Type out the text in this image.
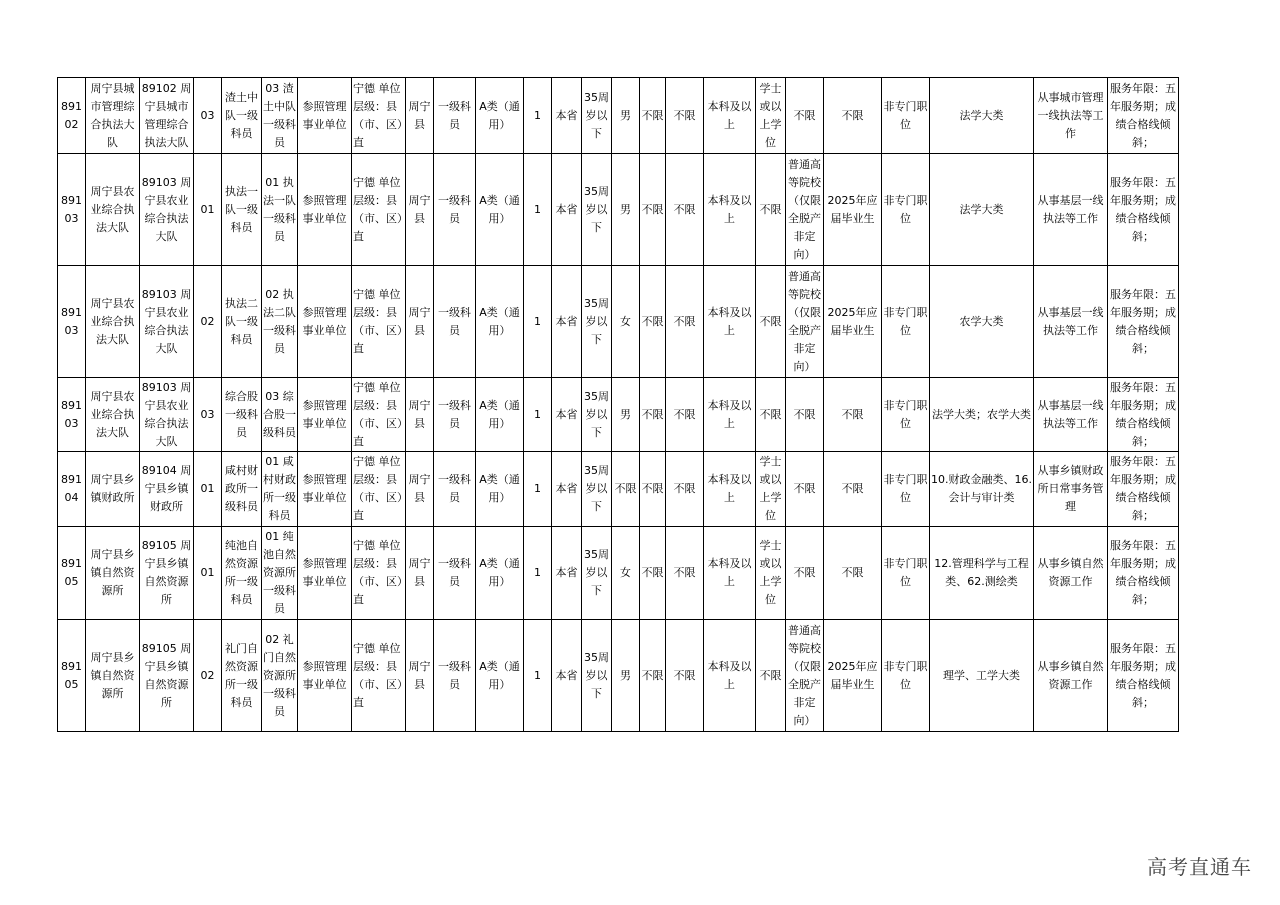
89102	周宁县城市管理综合执法大队	89102 周宁县城市管理综合执法大队	03	渣土中队一级科员	03 渣土中队一级科员	参照管理事业单位	宁德 单位层级：县（市、区）直	周宁县	一级科员	A类（通用）	1	本省	35周岁以下	男	不限	不限	本科及以上	学士或以上学位	不限	不限	非专门职位	法学大类	从事城市管理一线执法等工作	服务年限：五年服务期；成绩合格线倾斜；
89103	周宁县农业综合执法大队	89103 周宁县农业综合执法大队	01	执法一队一级科员	01 执法一队一级科员	参照管理事业单位	宁德 单位层级：县（市、区）直	周宁县	一级科员	A类（通用）	1	本省	35周岁以下	男	不限	不限	本科及以上	不限	普通高等院校（仅限全脱产非定向）	2025年应届毕业生	非专门职位	法学大类	从事基层一线执法等工作	服务年限：五年服务期；成绩合格线倾斜；
89103	周宁县农业综合执法大队	89103 周宁县农业综合执法大队	02	执法二队一级科员	02 执法二队一级科员	参照管理事业单位	宁德 单位层级：县（市、区）直	周宁县	一级科员	A类（通用）	1	本省	35周岁以下	女	不限	不限	本科及以上	不限	普通高等院校（仅限全脱产非定向）	2025年应届毕业生	非专门职位	农学大类	从事基层一线执法等工作	服务年限：五年服务期；成绩合格线倾斜；
89103	周宁县农业综合执法大队	89103 周宁县农业综合执法大队	03	综合股一级科员	03 综合股一级科员	参照管理事业单位	宁德 单位层级：县（市、区）直	周宁县	一级科员	A类（通用）	1	本省	35周岁以下	男	不限	不限	本科及以上	不限	不限	不限	非专门职位	法学大类；农学大类	从事基层一线执法等工作	服务年限：五年服务期；成绩合格线倾斜；
89104	周宁县乡镇财政所	89104 周宁县乡镇财政所	01	咸村财政所一级科员	01 咸村财政所一级科员	参照管理事业单位	宁德 单位层级：县（市、区）直	周宁县	一级科员	A类（通用）	1	本省	35周岁以下	不限	不限	不限	本科及以上	学士或以上学位	不限	不限	非专门职位	10.财政金融类、16.会计与审计类	从事乡镇财政所日常事务管理	服务年限：五年服务期；成绩合格线倾斜；
89105	周宁县乡镇自然资源所	89105 周宁县乡镇自然资源所	01	纯池自然资源所一级科员	01 纯池自然资源所一级科员	参照管理事业单位	宁德 单位层级：县（市、区）直	周宁县	一级科员	A类（通用）	1	本省	35周岁以下	女	不限	不限	本科及以上	学士或以上学位	不限	不限	非专门职位	12.管理科学与工程类、62.测绘类	从事乡镇自然资源工作	服务年限：五年服务期；成绩合格线倾斜；
89105	周宁县乡镇自然资源所	89105 周宁县乡镇自然资源所	02	礼门自然资源所一级科员	02 礼门自然资源所一级科员	参照管理事业单位	宁德 单位层级：县（市、区）直	周宁县	一级科员	A类（通用）	1	本省	35周岁以下	男	不限	不限	本科及以上	不限	普通高等院校（仅限全脱产非定向）	2025年应届毕业生	非专门职位	理学、工学大类	从事乡镇自然资源工作	服务年限：五年服务期；成绩合格线倾斜；
高考直通车
